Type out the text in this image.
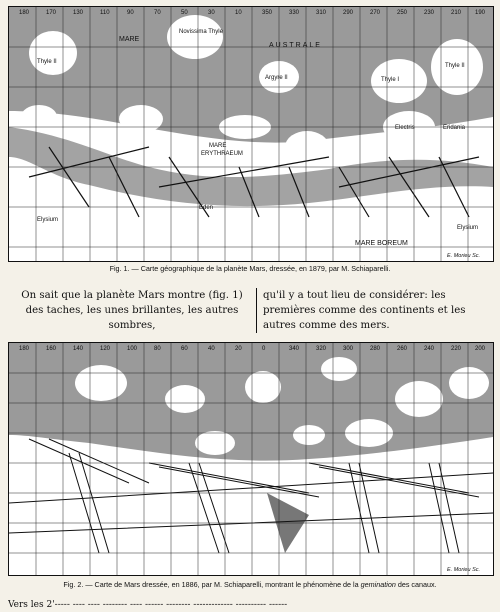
180	170	130	110	90	70	50	30	10	350	330	310	290	270	250	230	210 190
MARE
AUSTRALE
Novissima Thyle
Thyle II
Thyle II
Thyle I
Argyre II
Eridania
Electris
MARE
ERYTHRAEUM
Elysium
Elysium
Eden
MARE BOREUM
E. Morieu Sc.
Fig. 1. — Carte géographique de la planète Mars, dressée, en 1879, par M. Schiaparelli.
On sait que la planète Mars montre (fig. 1) des taches, les unes brillantes, les autres sombres,
qu'il y a tout lieu de considérer: les premières comme des continents et les autres comme des mers.
180	160	140	120	100	80	60	40	20	0	340	320	300	280	260	240	220 200
E. Morieu Sc.
Fig. 2. — Carte de Mars dressée, en 1886, par M. Schiaparelli, montrant le phénomène de la gemination des canaux.
Vers les 2'----- ---- ---- -------- ---- ------ -------- ------------- ---------- ------
